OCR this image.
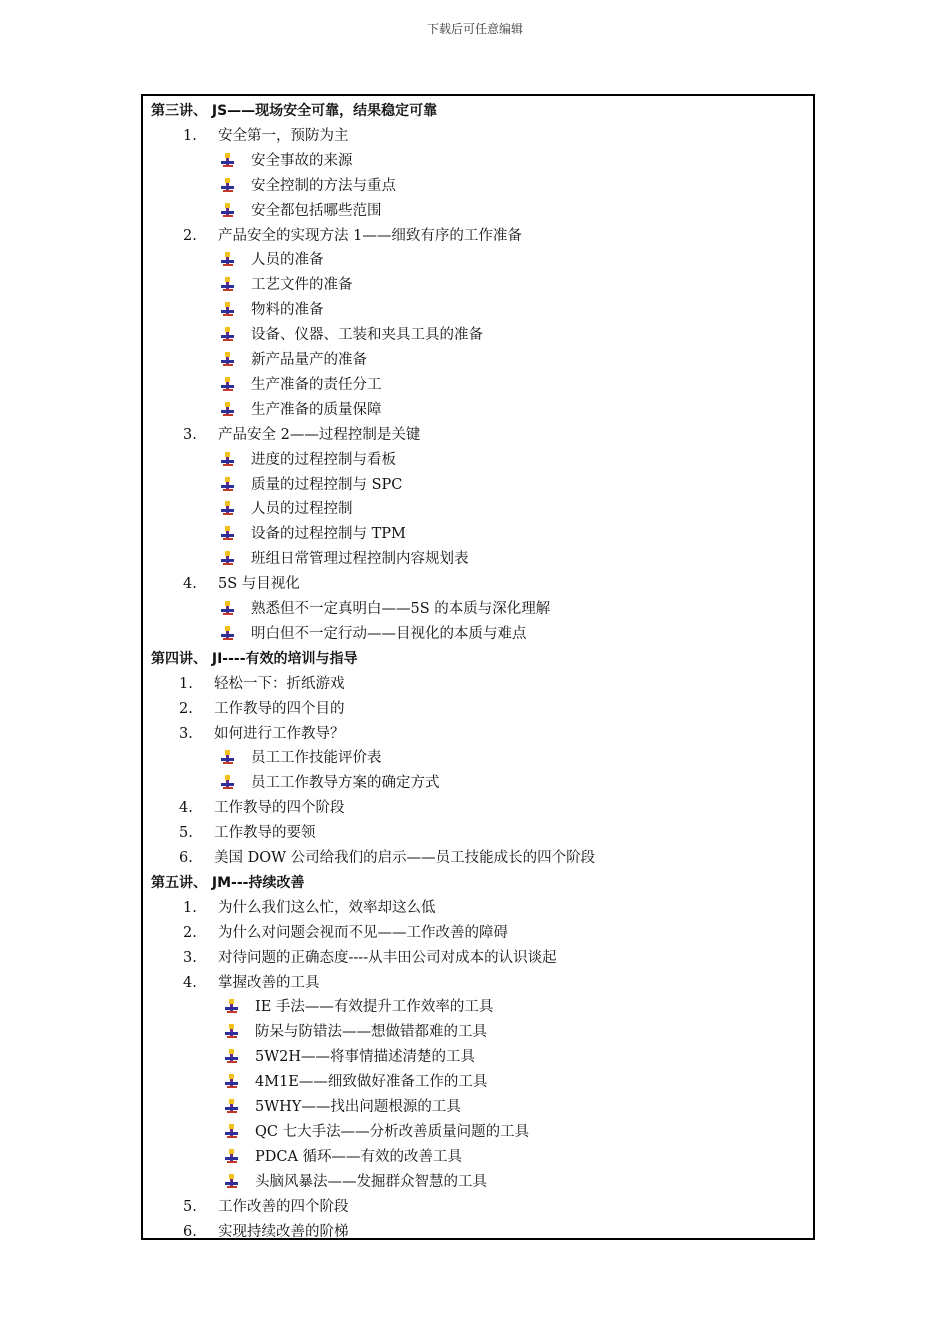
下载后可任意编辑
第三讲、 JS——现场安全可靠，结果稳定可靠
1. 安全第一，预防为主
安全事故的来源
安全控制的方法与重点
安全都包括哪些范围
2. 产品安全的实现方法 1——细致有序的工作准备
人员的准备
工艺文件的准备
物料的准备
设备、仪器、工装和夹具工具的准备
新产品量产的准备
生产准备的责任分工
生产准备的质量保障
3. 产品安全 2——过程控制是关键
进度的过程控制与看板
质量的过程控制与 SPC
人员的过程控制
设备的过程控制与 TPM
班组日常管理过程控制内容规划表
4. 5S 与目视化
熟悉但不一定真明白——5S 的本质与深化理解
明白但不一定行动——目视化的本质与难点
第四讲、 JI----有效的培训与指导
1. 轻松一下：折纸游戏
2. 工作教导的四个目的
3. 如何进行工作教导？
员工工作技能评价表
员工工作教导方案的确定方式
4. 工作教导的四个阶段
5. 工作教导的要领
6. 美国 DOW 公司给我们的启示——员工技能成长的四个阶段
第五讲、 JM---持续改善
1. 为什么我们这么忙，效率却这么低
2. 为什么对问题会视而不见——工作改善的障碍
3. 对待问题的正确态度----从丰田公司对成本的认识谈起
4. 掌握改善的工具
IE 手法——有效提升工作效率的工具
防呆与防错法——想做错都难的工具
5W2H——将事情描述清楚的工具
4M1E——细致做好准备工作的工具
5WHY——找出问题根源的工具
QC 七大手法——分析改善质量问题的工具
PDCA 循环——有效的改善工具
头脑风暴法——发掘群众智慧的工具
5. 工作改善的四个阶段
6. 实现持续改善的阶梯
